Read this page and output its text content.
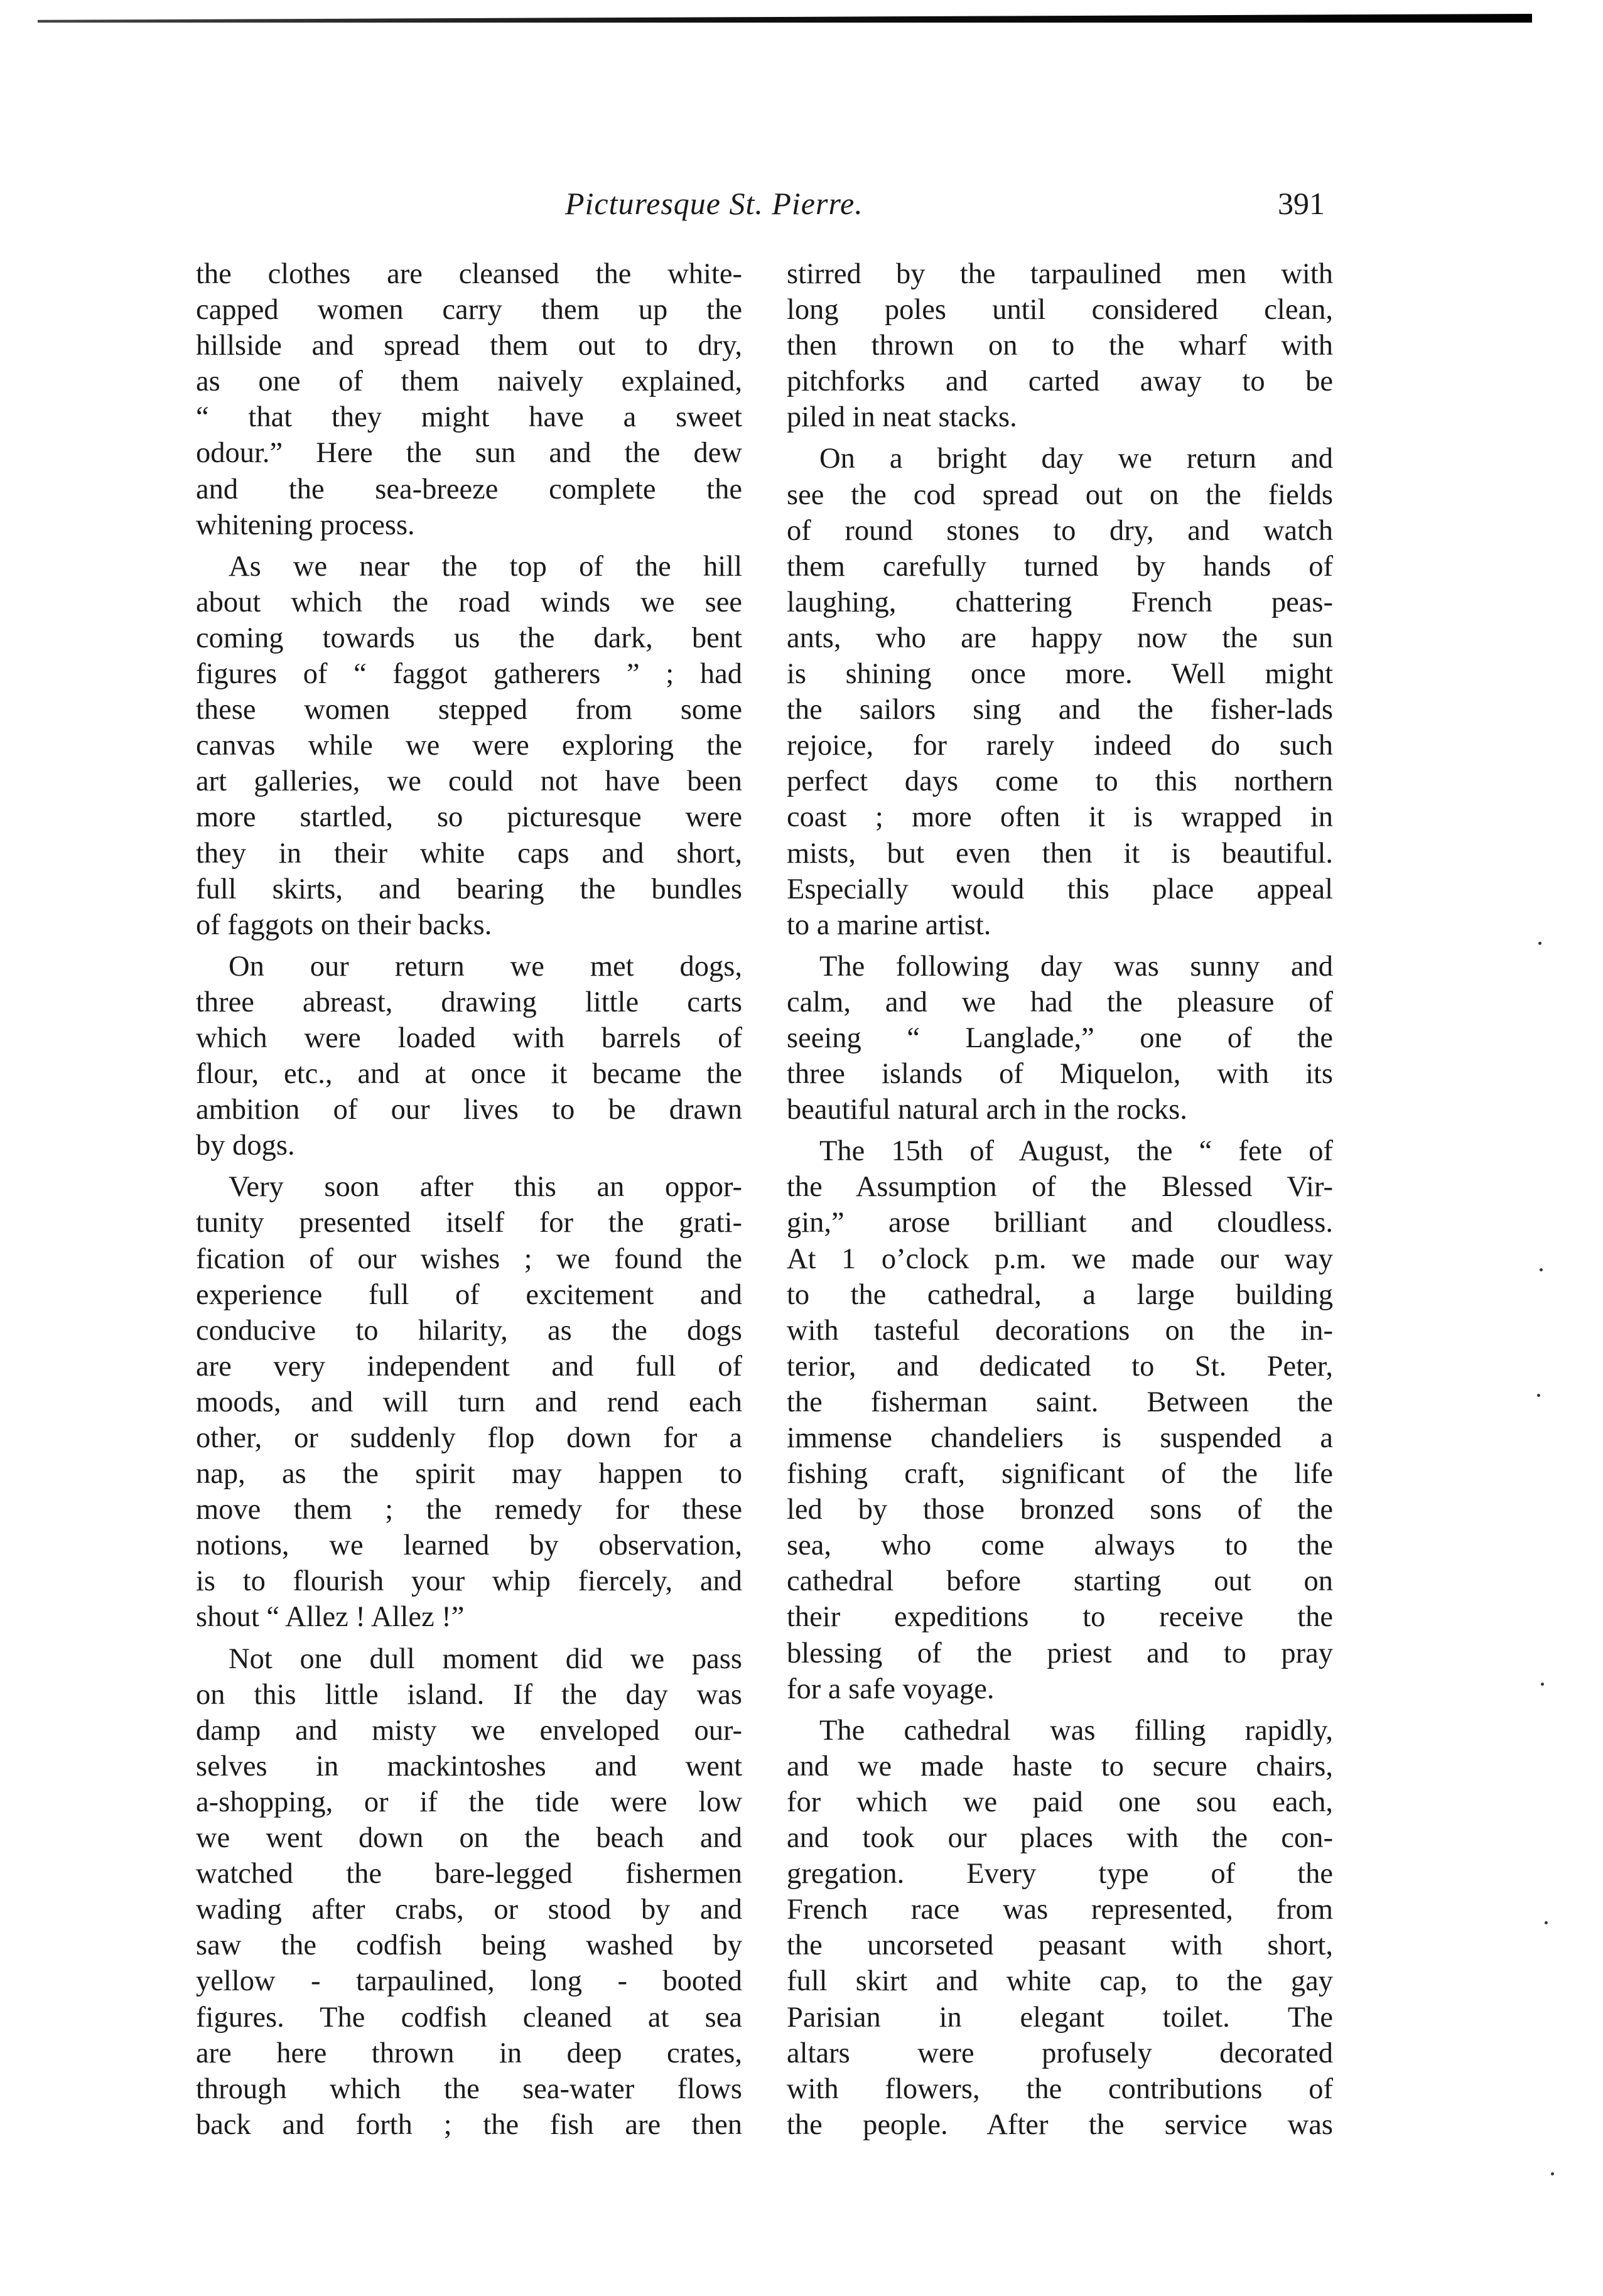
Picturesque St. Pierre.	391
the clothes are cleansed the white-
capped women carry them up the
hillside and spread them out to dry,
as one of them naively explained,
“ that they might have a sweet
odour.” Here the sun and the dew
and the sea-breeze complete the
whitening process.
As we near the top of the hill
about which the road winds we see
coming towards us the dark, bent
figures of “ faggot gatherers ” ; had
these women stepped from some
canvas while we were exploring the
art galleries, we could not have been
more startled, so picturesque were
they in their white caps and short,
full skirts, and bearing the bundles
of faggots on their backs.
On our return we met dogs,
three abreast, drawing little carts
which were loaded with barrels of
flour, etc., and at once it became the
ambition of our lives to be drawn
by dogs.
Very soon after this an oppor-
tunity presented itself for the grati-
fication of our wishes ; we found the
experience full of excitement and
conducive to hilarity, as the dogs
are very independent and full of
moods, and will turn and rend each
other, or suddenly flop down for a
nap, as the spirit may happen to
move them ; the remedy for these
notions, we learned by observation,
is to flourish your whip fiercely, and
shout “ Allez ! Allez !”
Not one dull moment did we pass
on this little island. If the day was
damp and misty we enveloped our-
selves in mackintoshes and went
a-shopping, or if the tide were low
we went down on the beach and
watched the bare-legged fishermen
wading after crabs, or stood by and
saw the codfish being washed by
yellow - tarpaulined, long - booted
figures. The codfish cleaned at sea
are here thrown in deep crates,
through which the sea-water flows
back and forth ; the fish are then
stirred by the tarpaulined men with
long poles until considered clean,
then thrown on to the wharf with
pitchforks and carted away to be
piled in neat stacks.
On a bright day we return and
see the cod spread out on the fields
of round stones to dry, and watch
them carefully turned by hands of
laughing, chattering French peas-
ants, who are happy now the sun
is shining once more. Well might
the sailors sing and the fisher-lads
rejoice, for rarely indeed do such
perfect days come to this northern
coast ; more often it is wrapped in
mists, but even then it is beautiful.
Especially would this place appeal
to a marine artist.
The following day was sunny and
calm, and we had the pleasure of
seeing “ Langlade,” one of the
three islands of Miquelon, with its
beautiful natural arch in the rocks.
The 15th of August, the “ fete of
the Assumption of the Blessed Vir-
gin,” arose brilliant and cloudless.
At 1 o’clock p.m. we made our way
to the cathedral, a large building
with tasteful decorations on the in-
terior, and dedicated to St. Peter,
the fisherman saint. Between the
immense chandeliers is suspended a
fishing craft, significant of the life
led by those bronzed sons of the
sea, who come always to the
cathedral before starting out on
their expeditions to receive the
blessing of the priest and to pray
for a safe voyage.
The cathedral was filling rapidly,
and we made haste to secure chairs,
for which we paid one sou each,
and took our places with the con-
gregation. Every type of the
French race was represented, from
the uncorseted peasant with short,
full skirt and white cap, to the gay
Parisian in elegant toilet. The
altars were profusely decorated
with flowers, the contributions of
the people. After the service was
